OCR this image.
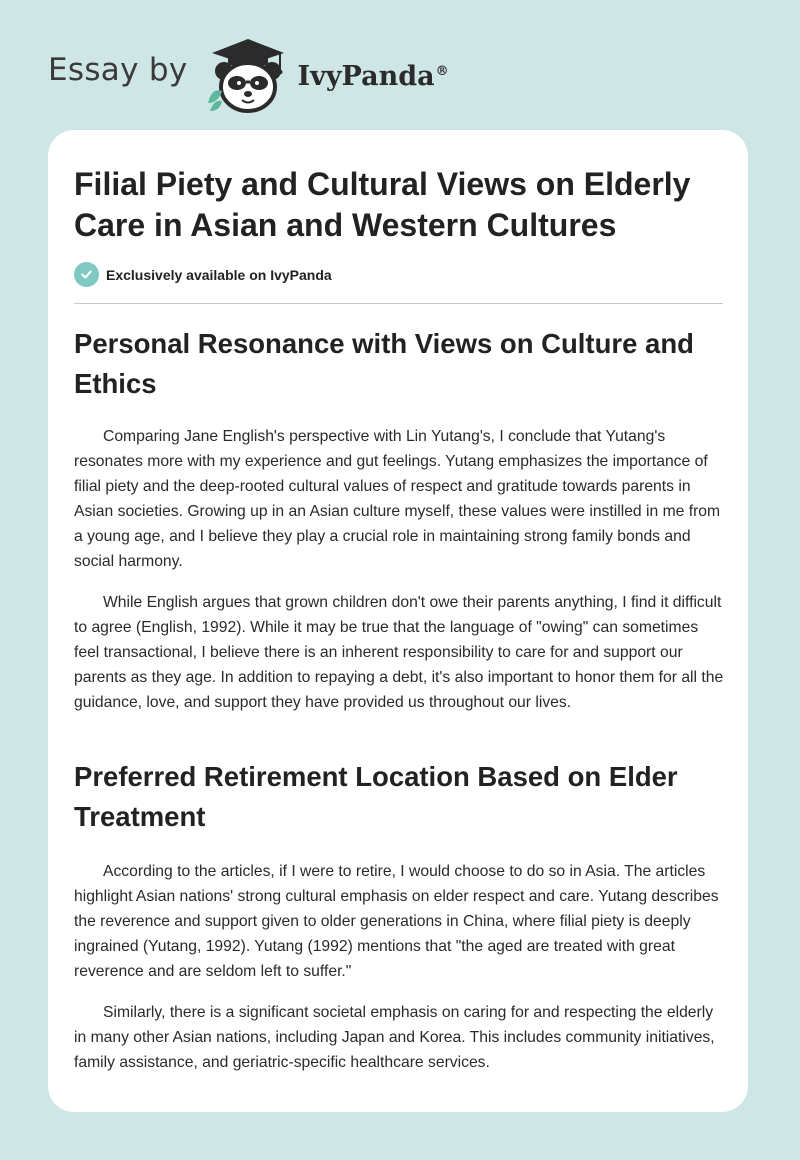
Essay by	IvyPanda®
Filial Piety and Cultural Views on Elderly Care in Asian and Western Cultures
Exclusively available on IvyPanda
Personal Resonance with Views on Culture and Ethics

Comparing Jane English's perspective with Lin Yutang's, I conclude that Yutang's resonates more with my experience and gut feelings. Yutang emphasizes the importance of filial piety and the deep-rooted cultural values of respect and gratitude towards parents in Asian societies. Growing up in an Asian culture myself, these values were instilled in me from a young age, and I believe they play a crucial role in maintaining strong family bonds and social harmony.

While English argues that grown children don't owe their parents anything, I find it difficult to agree (English, 1992). While it may be true that the language of "owing" can sometimes feel transactional, I believe there is an inherent responsibility to care for and support our parents as they age. In addition to repaying a debt, it's also important to honor them for all the guidance, love, and support they have provided us throughout our lives.

Preferred Retirement Location Based on Elder Treatment

According to the articles, if I were to retire, I would choose to do so in Asia. The articles highlight Asian nations' strong cultural emphasis on elder respect and care. Yutang describes the reverence and support given to older generations in China, where filial piety is deeply ingrained (Yutang, 1992). Yutang (1992) mentions that "the aged are treated with great reverence and are seldom left to suffer."

Similarly, there is a significant societal emphasis on caring for and respecting the elderly in many other Asian nations, including Japan and Korea. This includes community initiatives, family assistance, and geriatric-specific healthcare services.
